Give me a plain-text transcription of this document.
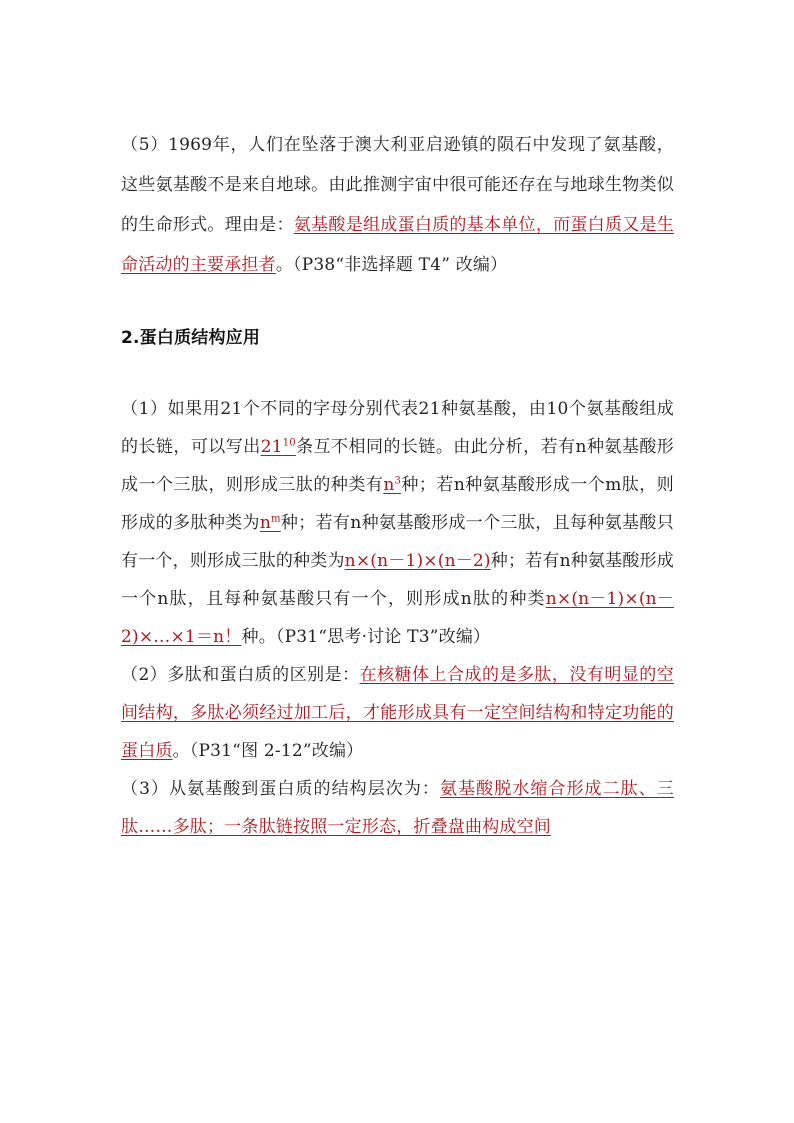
（5）1969年，人们在坠落于澳大利亚启逊镇的陨石中发现了氨基酸，这些氨基酸不是来自地球。由此推测宇宙中很可能还存在与地球生物类似的生命形式。理由是：氨基酸是组成蛋白质的基本单位，而蛋白质又是生命活动的主要承担者。（P38“非选择题 T4” 改编）

2.蛋白质结构应用

（1）如果用21个不同的字母分别代表21种氨基酸，由10个氨基酸组成的长链，可以写出$21^{10}$条互不相同的长链。由此分析，若有n种氨基酸形成一个三肽，则形成三肽的种类有$n^3$种；若n种氨基酸形成一个m肽，则形成的多肽种类为$n^m$种；若有n种氨基酸形成一个三肽，且每种氨基酸只有一个，则形成三肽的种类为n×(n－1)×(n－2)种；若有n种氨基酸形成一个n肽，且每种氨基酸只有一个，则形成n肽的种类n×(n－1)×(n－2)×…×1＝n！种。（P31“思考·讨论 T3”改编）

（2）多肽和蛋白质的区别是：在核糖体上合成的是多肽，没有明显的空间结构，多肽必须经过加工后，才能形成具有一定空间结构和特定功能的蛋白质。（P31“图 2-12”改编）

（3）从氨基酸到蛋白质的结构层次为：氨基酸脱水缩合形成二肽、三肽……多肽；一条肽链按照一定形态，折叠盘曲构成空间
